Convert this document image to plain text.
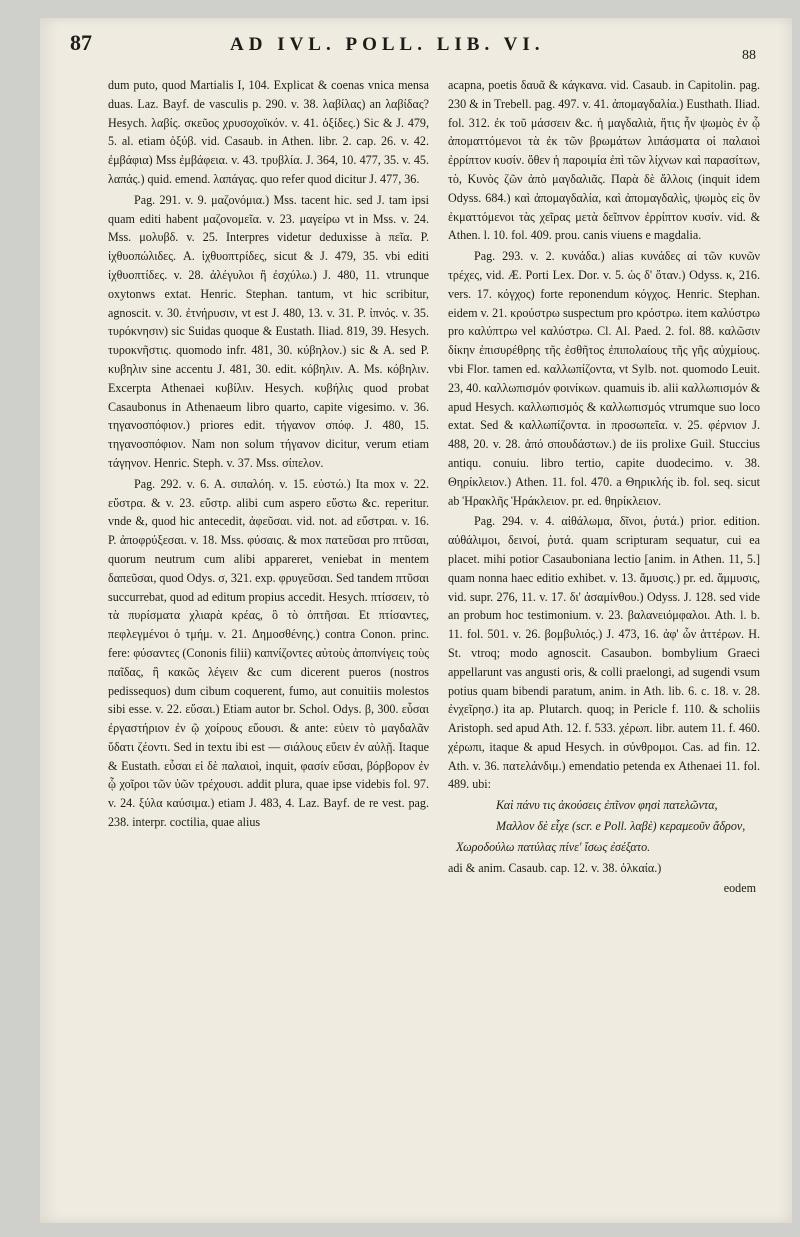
87	AD IVL. POLL. LIB. VI.
88

dum puto, quod Martialis I, 104. Explicat & coenas vnica mensa duas. Laz. Bayf. de vasculis p. 290. v. 38. λαβίλας) an λαβίδας? Hesych. λαβίς. σκεῦος χρυσοχοϊκόν. v. 41. ὀξίδες.) Sic & J. 479, 5. al. etiam ὀξύβ. vid. Casaub. in Athen. libr. 2. cap. 26. v. 42. ἐμβάφια) Mss ἐμβάφεια. v. 43. τρυβλία. J. 364, 10. 477, 35. v. 45. λαπάς.) quid. emend. λαπάγας. quo refer quod dicitur J. 477, 36.

Pag. 291. v. 9. μαζονόμια.) Mss. tacent hic. sed J. tam ipsi quam editi habent μαζονομεῖα. v. 23. μαγείρω vt in Mss. v. 24. Mss. μολυβδ. v. 25. Interpres videtur deduxisse à πεῖα. P. ἰχθυοπώλιδες. A. ἰχθυοπτρίδες, sicut & J. 479, 35. vbi editi ἰχθυοπτίδες. v. 28. ἀλέγυλοι ἢ ἐσχύλω.) J. 480, 11. vtrunque oxytonws extat. Henric. Stephan. tantum, vt hic scribitur, agnoscit. v. 30. ἐτνήρυσιν, vt est J. 480, 13. v. 31. P. ἰπνός. v. 35. τυρόκνησιν) sic Suidas quoque & Eustath. Iliad. 819, 39. Hesych. τυροκνῆστις. quomodo infr. 481, 30. κύβηλον.) sic & A. sed P. κυβηλιν sine accentu J. 481, 30. edit. κόβηλιν. A. Ms. κόβηλιν. Excerpta Athenaei κυβίλιν. Hesych. κυβήλις quod probat Casaubonus in Athenaeum libro quarto, capite vigesimo. v. 36. τηγανοσπόφιον.) priores edit. τήγανον σπόφ. J. 480, 15. τηγανοσπόφιον. Nam non solum τήγανον dicitur, verum etiam τάγηνον. Henric. Steph. v. 37. Mss. σίπελον.

Pag. 292. v. 6. A. σιπαλόη. v. 15. εὐστώ.) Ita mox v. 22. εὔστρα. & v. 23. εὔστρ. alibi cum aspero εὕστω &c. reperitur. vnde &, quod hic antecedit, ἀφεῦσαι. vid. not. ad εὔστραι. v. 16. P. ἀποφρύξεσαι. v. 18. Mss. φύσαις. & mox πατεῦσαι pro πτῦσαι, quorum neutrum cum alibi appareret, veniebat in mentem δαπεῦσαι, quod Odys. σ, 321. exp. φρυγεῦσαι. Sed tandem πτῦσαι succurrebat, quod ad editum propius accedit. Hesych. πτίσσειν, τὸ τὰ πυρίσματα χλιαρὰ κρέας, ὃ τὸ ὀπτῆσαι. Et πτίσαντες, πεφλεγμένοι ὁ τμήμ. v. 21. Δημοσθένης.) contra Conon. princ. fere: φύσαντες (Cononis filii) καπνίζοντες αὐτοὺς ἀποπνίγεις τοὺς παῖδας, ἢ κακῶς λέγειν &c cum dicerent pueros (nostros pedissequos) dum cibum coquerent, fumo, aut conuitiis molestos sibi esse. v. 22. εὕσαι.) Etiam autor br. Schol. Odys. β, 300. εὗσαι ἐργαστήριον ἐν ῷ χοίρους εὕουσι. & ante: εὐειν τὸ μαγδαλᾶν ὕδατι ζέοντι. Sed in textu ibi est — σιάλους εὕειν ἐν αὐλῇ. Itaque & Eustath. εὗσαι εἰ δὲ παλαιοὶ, inquit, φασίν εὕσαι, βόρβορον ἐν ᾧ χοῖροι τῶν ὑῶν τρέχουσι. addit plura, quae ipse videbis fol. 97. v. 24. ξύλα καύσιμα.) etiam J. 483, 4. Laz. Bayf. de re vest. pag. 238. interpr. coctilia, quae alius

acapna, poetis δαυᾶ & κάγκανα. vid. Casaub. in Capitolin. pag. 230 & in Trebell. pag. 497. v. 41. ἀπομαγδαλία.) Eusthath. Iliad. fol. 312. ἐκ τοῦ μάσσειν &c. ἡ μαγδαλιὰ, ἥτις ἦν ψωμὸς ἐν ᾧ ἀποματτόμενοι τὰ ἐκ τῶν βρωμάτων λιπάσματα οἱ παλαιοὶ ἐρρίπτον κυσίν. ὅθεν ἡ παροιμία ἐπὶ τῶν λίχνων καὶ παρασίτων, τὸ, Κυνὸς ζῶν ἀπὸ μαγδαλιᾶς. Παρὰ δὲ ἄλλοις (inquit idem Odyss. 684.) καὶ ἀπομαγδαλία, καὶ ἀπομαγδαλὶς, ψωμὸς εἰς ὃν ἐκματτόμενοι τὰς χεῖρας μετὰ δεῖπνον ἐρρίπτον κυσίν. vid. & Athen. l. 10. fol. 409. prou. canis viuens e magdalia.

Pag. 293. v. 2. κυνάδα.) alias κυνάδες αἱ τῶν κυνῶν τρέχες, vid. Æ. Porti Lex. Dor. v. 5. ὡς δ' ὅταν.) Odyss. κ, 216. vers. 17. κόγχος) forte reponendum κόγχος. Henric. Stephan. eidem v. 21. κρούστρω suspectum pro κρόστρω. item καλύστρω pro καλύπτρω vel καλύστρω. Cl. Al. Paed. 2. fol. 88. καλῶσιν δίκην ἐπισυρέθρης τῆς ἐσθῆτος ἐπιπολαίους τῆς γῆς αὐχμίους. vbi Flor. tamen ed. καλλωπίζοντα, vt Sylb. not. quomodo Leuit. 23, 40. καλλωπισμόν φοινίκων. quamuis ib. alii καλλωπισμόν & apud Hesych. καλλωπισμός & καλλωπισμός vtrumque suo loco extat. Sed & καλλωπίζοντα. in προσωπεῖα. v. 25. φέρνιον J. 488, 20. v. 28. ἀπό σπουδάστων.) de iis prolixe Guil. Stuccius antiqu. conuiu. libro tertio, capite duodecimo. v. 38. Θηρίκλειον.) Athen. 11. fol. 470. a Θηρικλής ib. fol. seq. sicut ab Ἡρακλῆς Ἡράκλειον. pr. ed. θηρίκλειον.

Pag. 294. v. 4. αἰθάλωμα, δῖνοι, ῥυτά.) prior. edition. αὐθάλιμοι, δεινοί, ῥυτά. quam scripturam sequatur, cui ea placet. mihi potior Casauboniana lectio [anim. in Athen. 11, 5.] quam nonna haec editio exhibet. v. 13. ἄμυσις.) pr. ed. ἄμμυσις, vid. supr. 276, 11. v. 17. δι' ἀσαμίνθου.) Odyss. J. 128. sed vide an probum hoc testimonium. v. 23. βαλανειόμφαλοι. Ath. l. b. 11. fol. 501. v. 26. βομβυλιός.) J. 473, 16. ἀφ' ὧν ἀττέρων. H. St. vtroq; modo agnoscit. Casaubon. bombylium Graeci appellarunt vas angusti oris, & colli praelongi, ad sugendi vsum potius quam bibendi paratum, anim. in Ath. lib. 6. c. 18. v. 28. ἐνχεῖρησ.) ita ap. Plutarch. quoq; in Pericle f. 110. & scholiis Aristoph. sed apud Ath. 12. f. 533. χέρωπ. libr. autem 11. f. 460. χέρωπι, itaque & apud Hesych. in σύνθρομοι. Cas. ad fin. 12. Ath. v. 36. πατελάνδιμ.) emendatio petenda ex Athenaei 11. fol. 489. ubi:

Καὶ πάνυ τις ἀκούσεις ἐπῖνον φησὶ πατελῶντα,

Μαλλον δὲ εἶχε (scr. e Poll. λαβὲ) κεραμεοῦν ἄδρον,

Χωροδούλω πατύλας πίνε' ἴσως ἐσέξατο.

adi & anim. Casaub. cap. 12. v. 38. ὀλκαία.)

eodem
